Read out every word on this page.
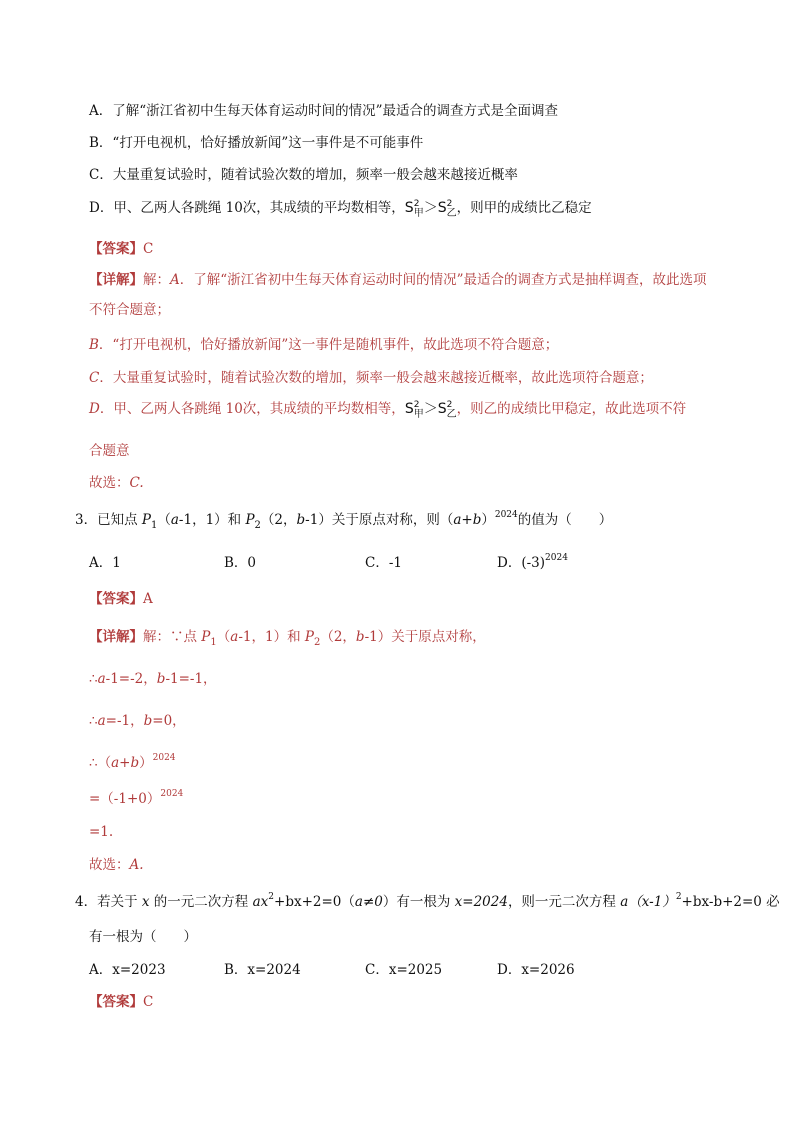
A．了解“浙江省初中生每天体育运动时间的情况”最适合的调查方式是全面调查
B．“打开电视机，恰好播放新闻”这一事件是不可能事件
C．大量重复试验时，随着试验次数的增加，频率一般会越来越接近概率
D．甲、乙两人各跳绳 10次，其成绩的平均数相等，S $_{2 甲}$＞S $_{2 乙}$，则甲的成绩比乙稳定
【答案】C
【详解】解：A．了解“浙江省初中生每天体育运动时间的情况”最适合的调查方式是抽样调查，故此选项
不符合题意；
B．“打开电视机，恰好播放新闻”这一事件是随机事件，故此选项不符合题意；
C．大量重复试验时，随着试验次数的增加，频率一般会越来越接近概率，故此选项符合题意；
D．甲、乙两人各跳绳 10次，其成绩的平均数相等，S $_{2 甲}$＞S $_{2 乙}$，则乙的成绩比甲稳定，故此选项不符
合题意
故选：C.
3．已知点 $P_1(a-1$，1）和 $P_2(2$，b-1）关于原点对称，则$(a+b)^{2024}$的值为（　　）
A．1	B．0	C．-1	D．$(-3)^{2024}$
【答案】A
【详解】解：∵点 $P_1(a-1$，1）和 $P_2(2$，b-1）关于原点对称，
∴a-1=-2，b-1=-1，
∴a=-1，b=0，
$\therefore(a+b)^{2024}$
$=(-1+0)^{2024}$
=1.
故选：A.
4．若关于 x 的一元二次方程 $ax^2+bx+2=0(a\ne 0)$有一根为 x=2024，则一元二次方程 $a(x-1)^2+bx-b+2=0$ 必
有一根为（　　）
A．x=2023	B．x=2024	C．x=2025	D．x=2026
【答案】C
